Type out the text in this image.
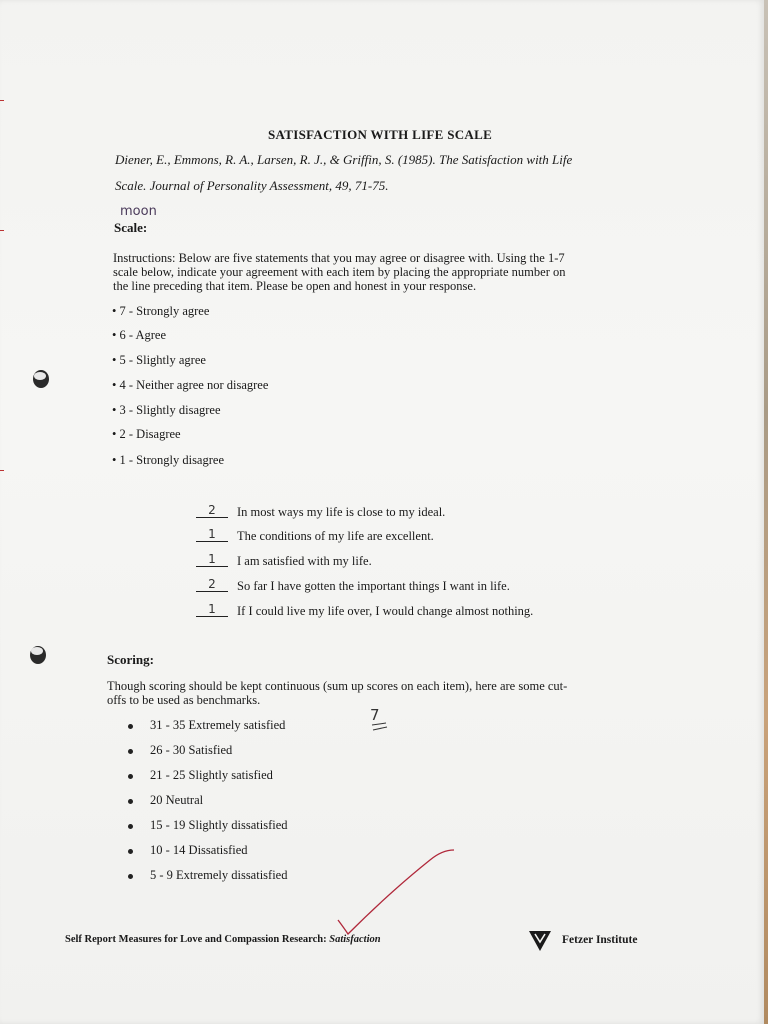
SATISFACTION WITH LIFE SCALE
Diener, E., Emmons, R. A., Larsen, R. J., & Griffin, S. (1985). The Satisfaction with Life
Scale. Journal of Personality Assessment, 49, 71-75.
moon
Scale:
Instructions: Below are five statements that you may agree or disagree with. Using the 1-7
scale below, indicate your agreement with each item by placing the appropriate number on
the line preceding that item. Please be open and honest in your response.
• 7 - Strongly agree
• 6 - Agree
• 5 - Slightly agree
• 4 - Neither agree nor disagree
• 3 - Slightly disagree
• 2 - Disagree
• 1 - Strongly disagree
2	In most ways my life is close to my ideal.
1	The conditions of my life are excellent.
1	I am satisfied with my life.
2	So far I have gotten the important things I want in life.
1	If I could live my life over, I would change almost nothing.
Scoring:
Though scoring should be kept continuous (sum up scores on each item), here are some cut-
offs to be used as benchmarks.
7
31 - 35 Extremely satisfied
26 - 30 Satisfied
21 - 25 Slightly satisfied
20 Neutral
15 - 19 Slightly dissatisfied
10 - 14 Dissatisfied
5 - 9 Extremely dissatisfied
Self Report Measures for Love and Compassion Research: Satisfaction	Fetzer Institute
